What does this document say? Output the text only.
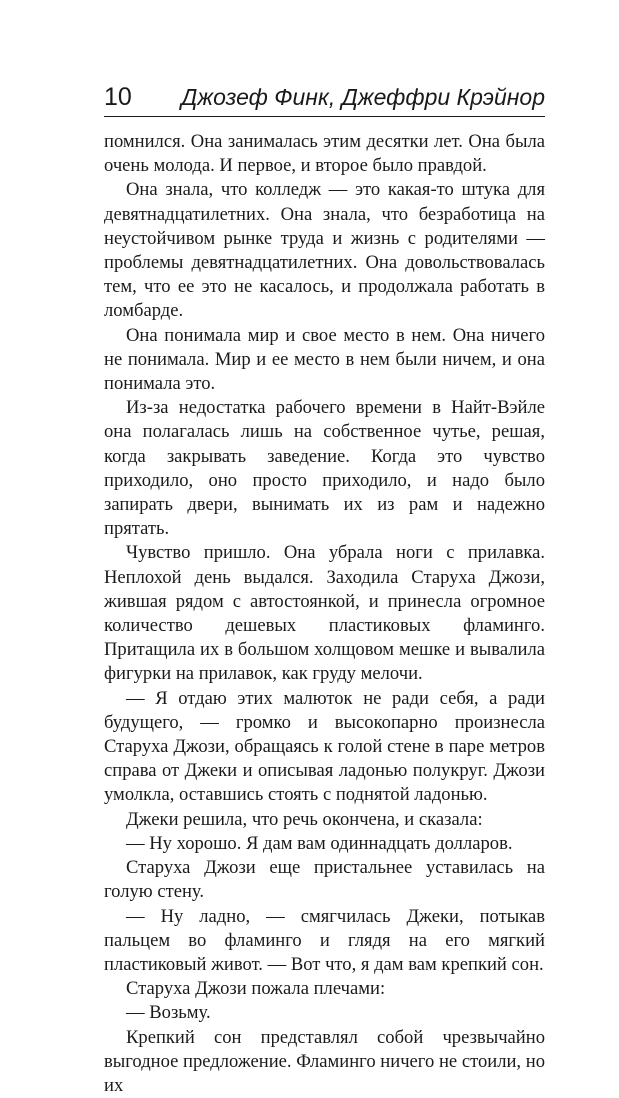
10 Джозеф Финк, Джеффри Крэйнор

помнился. Она занималась этим десятки лет. Она была очень молода. И первое, и второе было правдой.

Она знала, что колледж — это какая-то штука для девятнадцатилетних. Она знала, что безработица на неустойчивом рынке труда и жизнь с родителями — проблемы девятнадцатилетних. Она довольствовалась тем, что ее это не касалось, и продолжала работать в ломбарде.

Она понимала мир и свое место в нем. Она ничего не понимала. Мир и ее место в нем были ничем, и она понимала это.

Из-за недостатка рабочего времени в Найт-Вэйле она полагалась лишь на собственное чутье, решая, когда закрывать заведение. Когда это чувство приходило, оно просто приходило, и надо было запирать двери, вынимать их из рам и надежно прятать.

Чувство пришло. Она убрала ноги с прилавка. Неплохой день выдался. Заходила Старуха Джози, жившая рядом с автостоянкой, и принесла огромное количество дешевых пластиковых фламинго. Притащила их в большом холщовом мешке и вывалила фигурки на прилавок, как груду мелочи.

— Я отдаю этих малюток не ради себя, а ради будущего, — громко и высокопарно произнесла Старуха Джози, обращаясь к голой стене в паре метров справа от Джеки и описывая ладонью полукруг. Джози умолкла, оставшись стоять с поднятой ладонью.

Джеки решила, что речь окончена, и сказала:

— Ну хорошо. Я дам вам одиннадцать долларов.

Старуха Джози еще пристальнее уставилась на голую стену.

— Ну ладно, — смягчилась Джеки, потыкав пальцем во фламинго и глядя на его мягкий пластиковый живот. — Вот что, я дам вам крепкий сон.

Старуха Джози пожала плечами:

— Возьму.

Крепкий сон представлял собой чрезвычайно выгодное предложение. Фламинго ничего не стоили, но их
